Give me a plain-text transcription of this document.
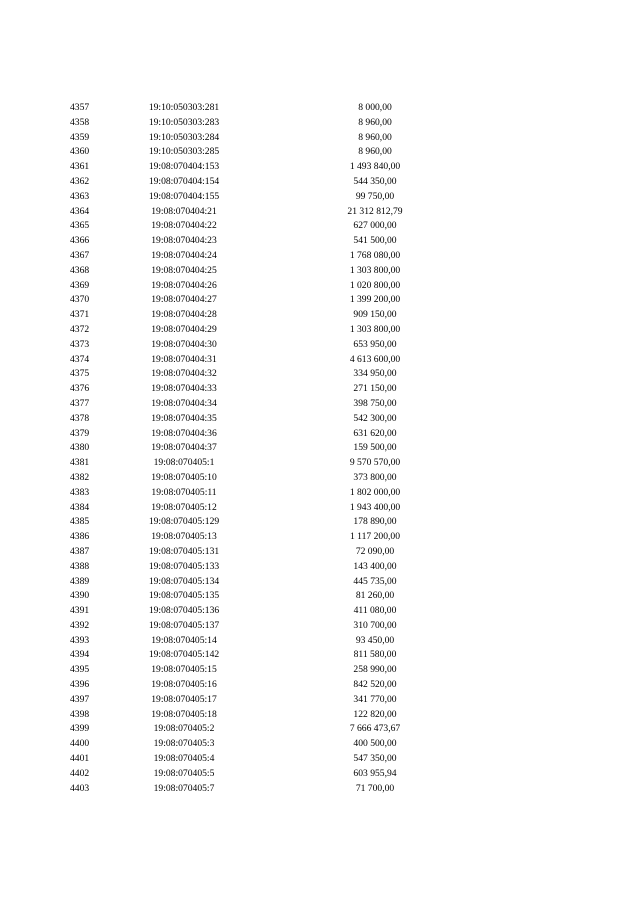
4357	19:10:050303:281	8 000,00
4358	19:10:050303:283	8 960,00
4359	19:10:050303:284	8 960,00
4360	19:10:050303:285	8 960,00
4361	19:08:070404:153	1 493 840,00
4362	19:08:070404:154	544 350,00
4363	19:08:070404:155	99 750,00
4364	19:08:070404:21	21 312 812,79
4365	19:08:070404:22	627 000,00
4366	19:08:070404:23	541 500,00
4367	19:08:070404:24	1 768 080,00
4368	19:08:070404:25	1 303 800,00
4369	19:08:070404:26	1 020 800,00
4370	19:08:070404:27	1 399 200,00
4371	19:08:070404:28	909 150,00
4372	19:08:070404:29	1 303 800,00
4373	19:08:070404:30	653 950,00
4374	19:08:070404:31	4 613 600,00
4375	19:08:070404:32	334 950,00
4376	19:08:070404:33	271 150,00
4377	19:08:070404:34	398 750,00
4378	19:08:070404:35	542 300,00
4379	19:08:070404:36	631 620,00
4380	19:08:070404:37	159 500,00
4381	19:08:070405:1	9 570 570,00
4382	19:08:070405:10	373 800,00
4383	19:08:070405:11	1 802 000,00
4384	19:08:070405:12	1 943 400,00
4385	19:08:070405:129	178 890,00
4386	19:08:070405:13	1 117 200,00
4387	19:08:070405:131	72 090,00
4388	19:08:070405:133	143 400,00
4389	19:08:070405:134	445 735,00
4390	19:08:070405:135	81 260,00
4391	19:08:070405:136	411 080,00
4392	19:08:070405:137	310 700,00
4393	19:08:070405:14	93 450,00
4394	19:08:070405:142	811 580,00
4395	19:08:070405:15	258 990,00
4396	19:08:070405:16	842 520,00
4397	19:08:070405:17	341 770,00
4398	19:08:070405:18	122 820,00
4399	19:08:070405:2	7 666 473,67
4400	19:08:070405:3	400 500,00
4401	19:08:070405:4	547 350,00
4402	19:08:070405:5	603 955,94
4403	19:08:070405:7	71 700,00
